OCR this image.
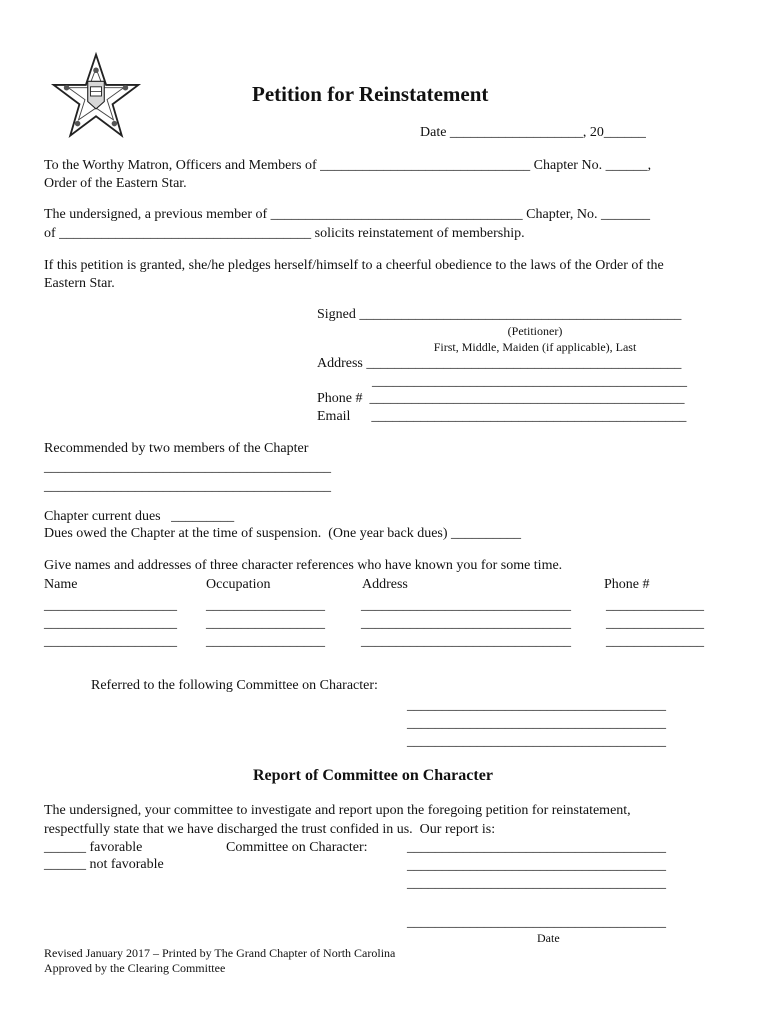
Petition for Reinstatement
Date ___________________, 20______
To the Worthy Matron, Officers and Members of ______________________________ Chapter No. ______,
Order of the Eastern Star.
The undersigned, a previous member of ____________________________________ Chapter, No. _______
of ____________________________________ solicits reinstatement of membership.
If this petition is granted, she/he pledges herself/himself to a cheerful obedience to the laws of the Order of the
Eastern Star.
Signed ______________________________________________
(Petitioner)
First, Middle, Maiden (if applicable), Last
Address _____________________________________________
_____________________________________________
Phone #  _____________________________________________
Email      _____________________________________________
Recommended by two members of the Chapter
_________________________________________
_________________________________________
Chapter current dues   _________
Dues owed the Chapter at the time of suspension.  (One year back dues) __________
Give names and addresses of three character references who have known you for some time.
Name	Occupation	Address	Phone #
___________________ _________________	______________________________	______________
___________________ _________________	______________________________	______________
___________________ _________________	______________________________	______________
Referred to the following Committee on Character:
_____________________________________
_____________________________________
_____________________________________
Report of Committee on Character
The undersigned, your committee to investigate and report upon the foregoing petition for reinstatement,
respectfully state that we have discharged the trust confided in us.  Our report is:
______ favorable	Committee on Character:	_____________________________________
______ not favorable	_____________________________________
_____________________________________
_____________________________________
Date
Revised January 2017 – Printed by The Grand Chapter of North Carolina
Approved by the Clearing Committee
